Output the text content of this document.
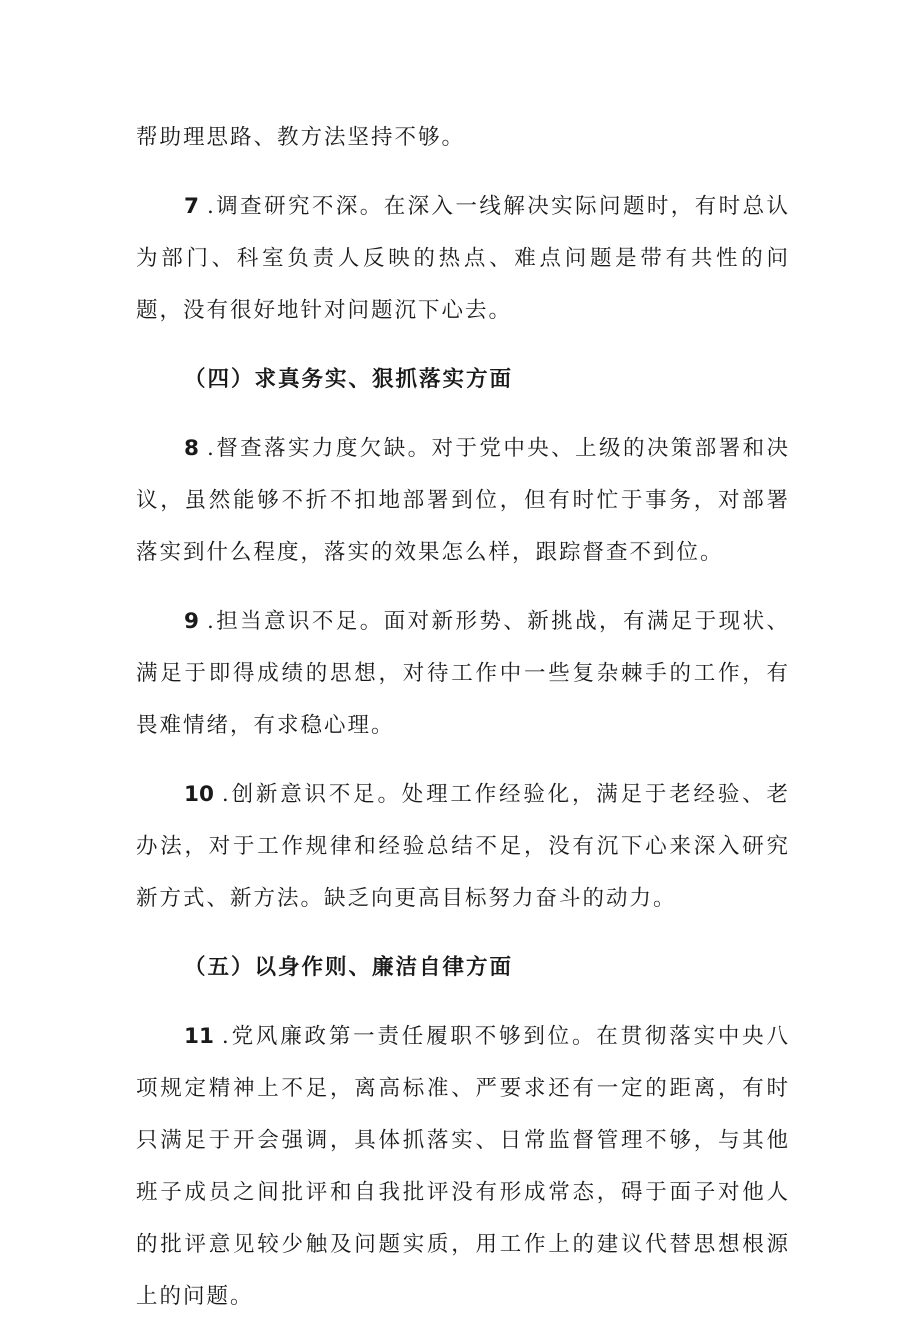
帮助理思路、教方法坚持不够。

7 .调查研究不深。在深入一线解决实际问题时，有时总认为部门、科室负责人反映的热点、难点问题是带有共性的问题，没有很好地针对问题沉下心去。

（四）求真务实、狠抓落实方面

8 .督查落实力度欠缺。对于党中央、上级的决策部署和决议，虽然能够不折不扣地部署到位，但有时忙于事务，对部署落实到什么程度，落实的效果怎么样，跟踪督查不到位。

9 .担当意识不足。面对新形势、新挑战，有满足于现状、满足于即得成绩的思想，对待工作中一些复杂棘手的工作，有畏难情绪，有求稳心理。

10 .创新意识不足。处理工作经验化，满足于老经验、老办法，对于工作规律和经验总结不足，没有沉下心来深入研究新方式、新方法。缺乏向更高目标努力奋斗的动力。

（五）以身作则、廉洁自律方面

11 .党风廉政第一责任履职不够到位。在贯彻落实中央八项规定精神上不足，离高标准、严要求还有一定的距离，有时只满足于开会强调，具体抓落实、日常监督管理不够，与其他班子成员之间批评和自我批评没有形成常态，碍于面子对他人的批评意见较少触及问题实质，用工作上的建议代替思想根源上的问题。
